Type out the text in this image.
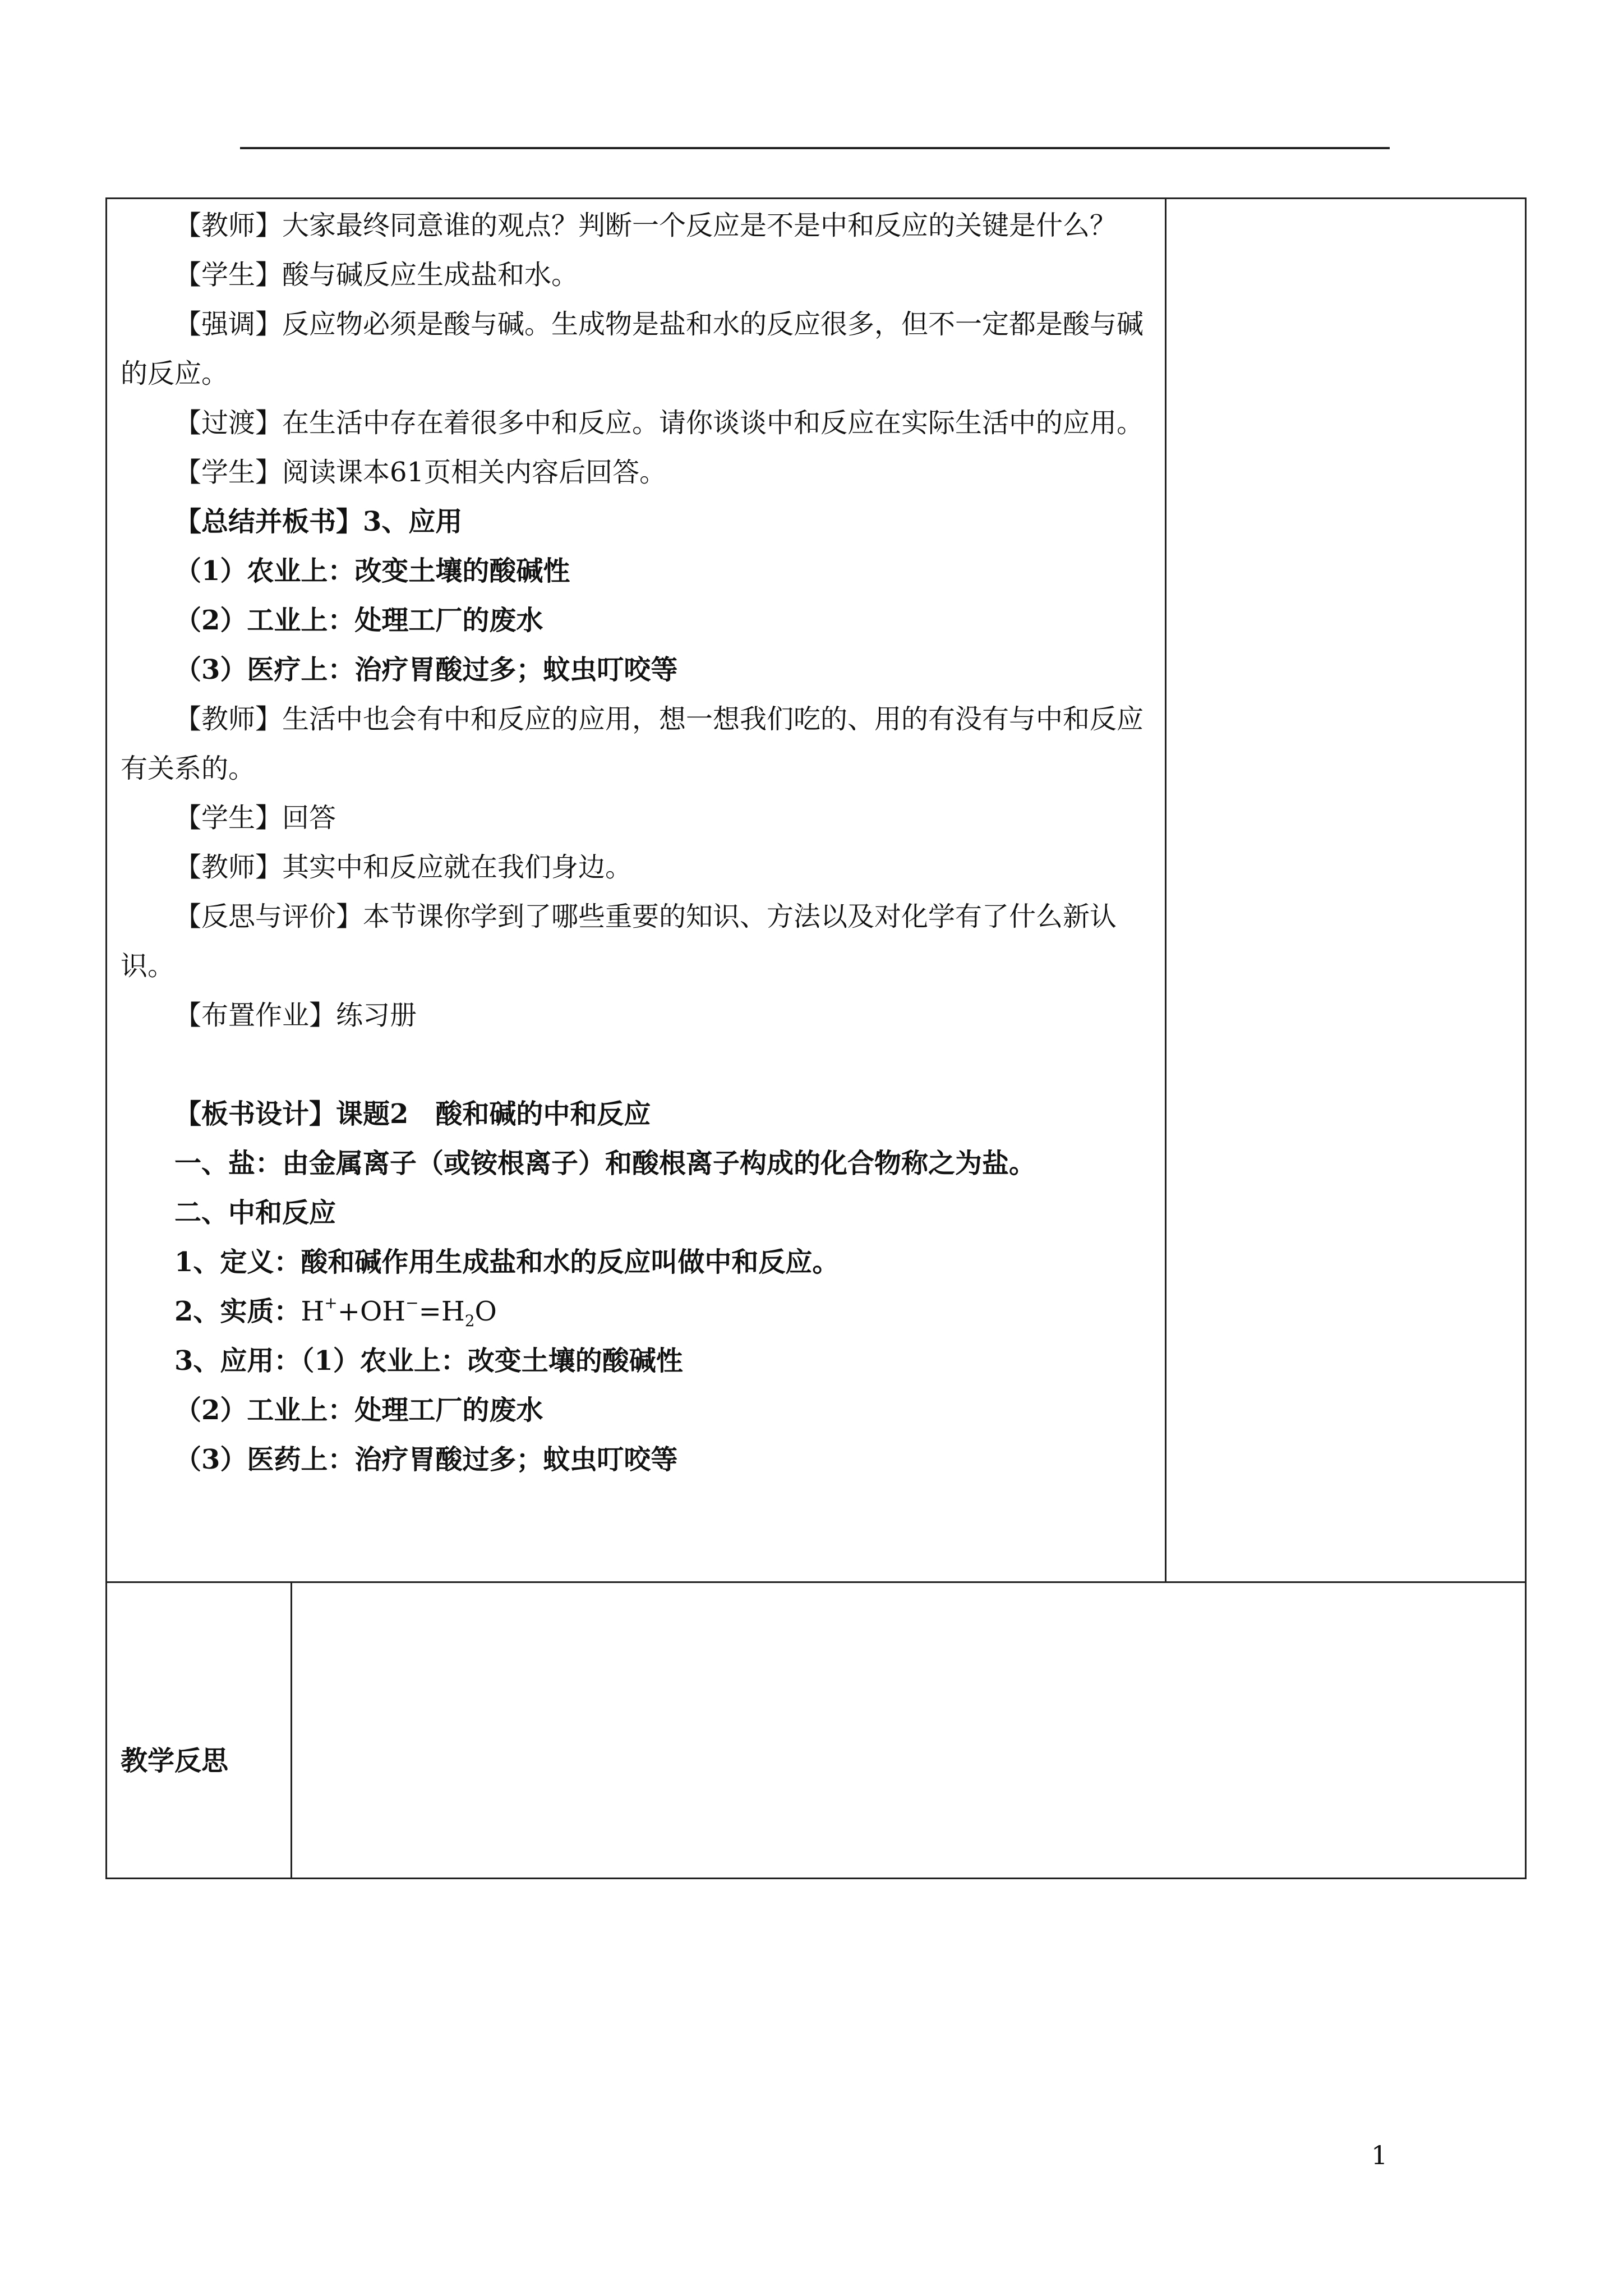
【教师】大家最终同意谁的观点？判断一个反应是不是中和反应的关键是什么？

【学生】酸与碱反应生成盐和水。

【强调】反应物必须是酸与碱。生成物是盐和水的反应很多，但不一定都是酸与碱的反应。

【过渡】在生活中存在着很多中和反应。请你谈谈中和反应在实际生活中的应用。

【学生】阅读课本61页相关内容后回答。

【总结并板书】3、应用

（1）农业上：改变土壤的酸碱性

（2）工业上：处理工厂的废水

（3）医疗上：治疗胃酸过多；蚊虫叮咬等

【教师】生活中也会有中和反应的应用，想一想我们吃的、用的有没有与中和反应有关系的。

【学生】回答

【教师】其实中和反应就在我们身边。

【反思与评价】本节课你学到了哪些重要的知识、方法以及对化学有了什么新认识。

【布置作业】练习册

【板书设计】课题2　酸和碱的中和反应

一、盐：由金属离子（或铵根离子）和酸根离子构成的化合物称之为盐。

二、中和反应

1、定义：酸和碱作用生成盐和水的反应叫做中和反应。

2、实质：$H^++OH^-=H_2O$

3、应用：（1）农业上：改变土壤的酸碱性

（2）工业上：处理工厂的废水

（3）医药上：治疗胃酸过多；蚊虫叮咬等

教学反思

1
